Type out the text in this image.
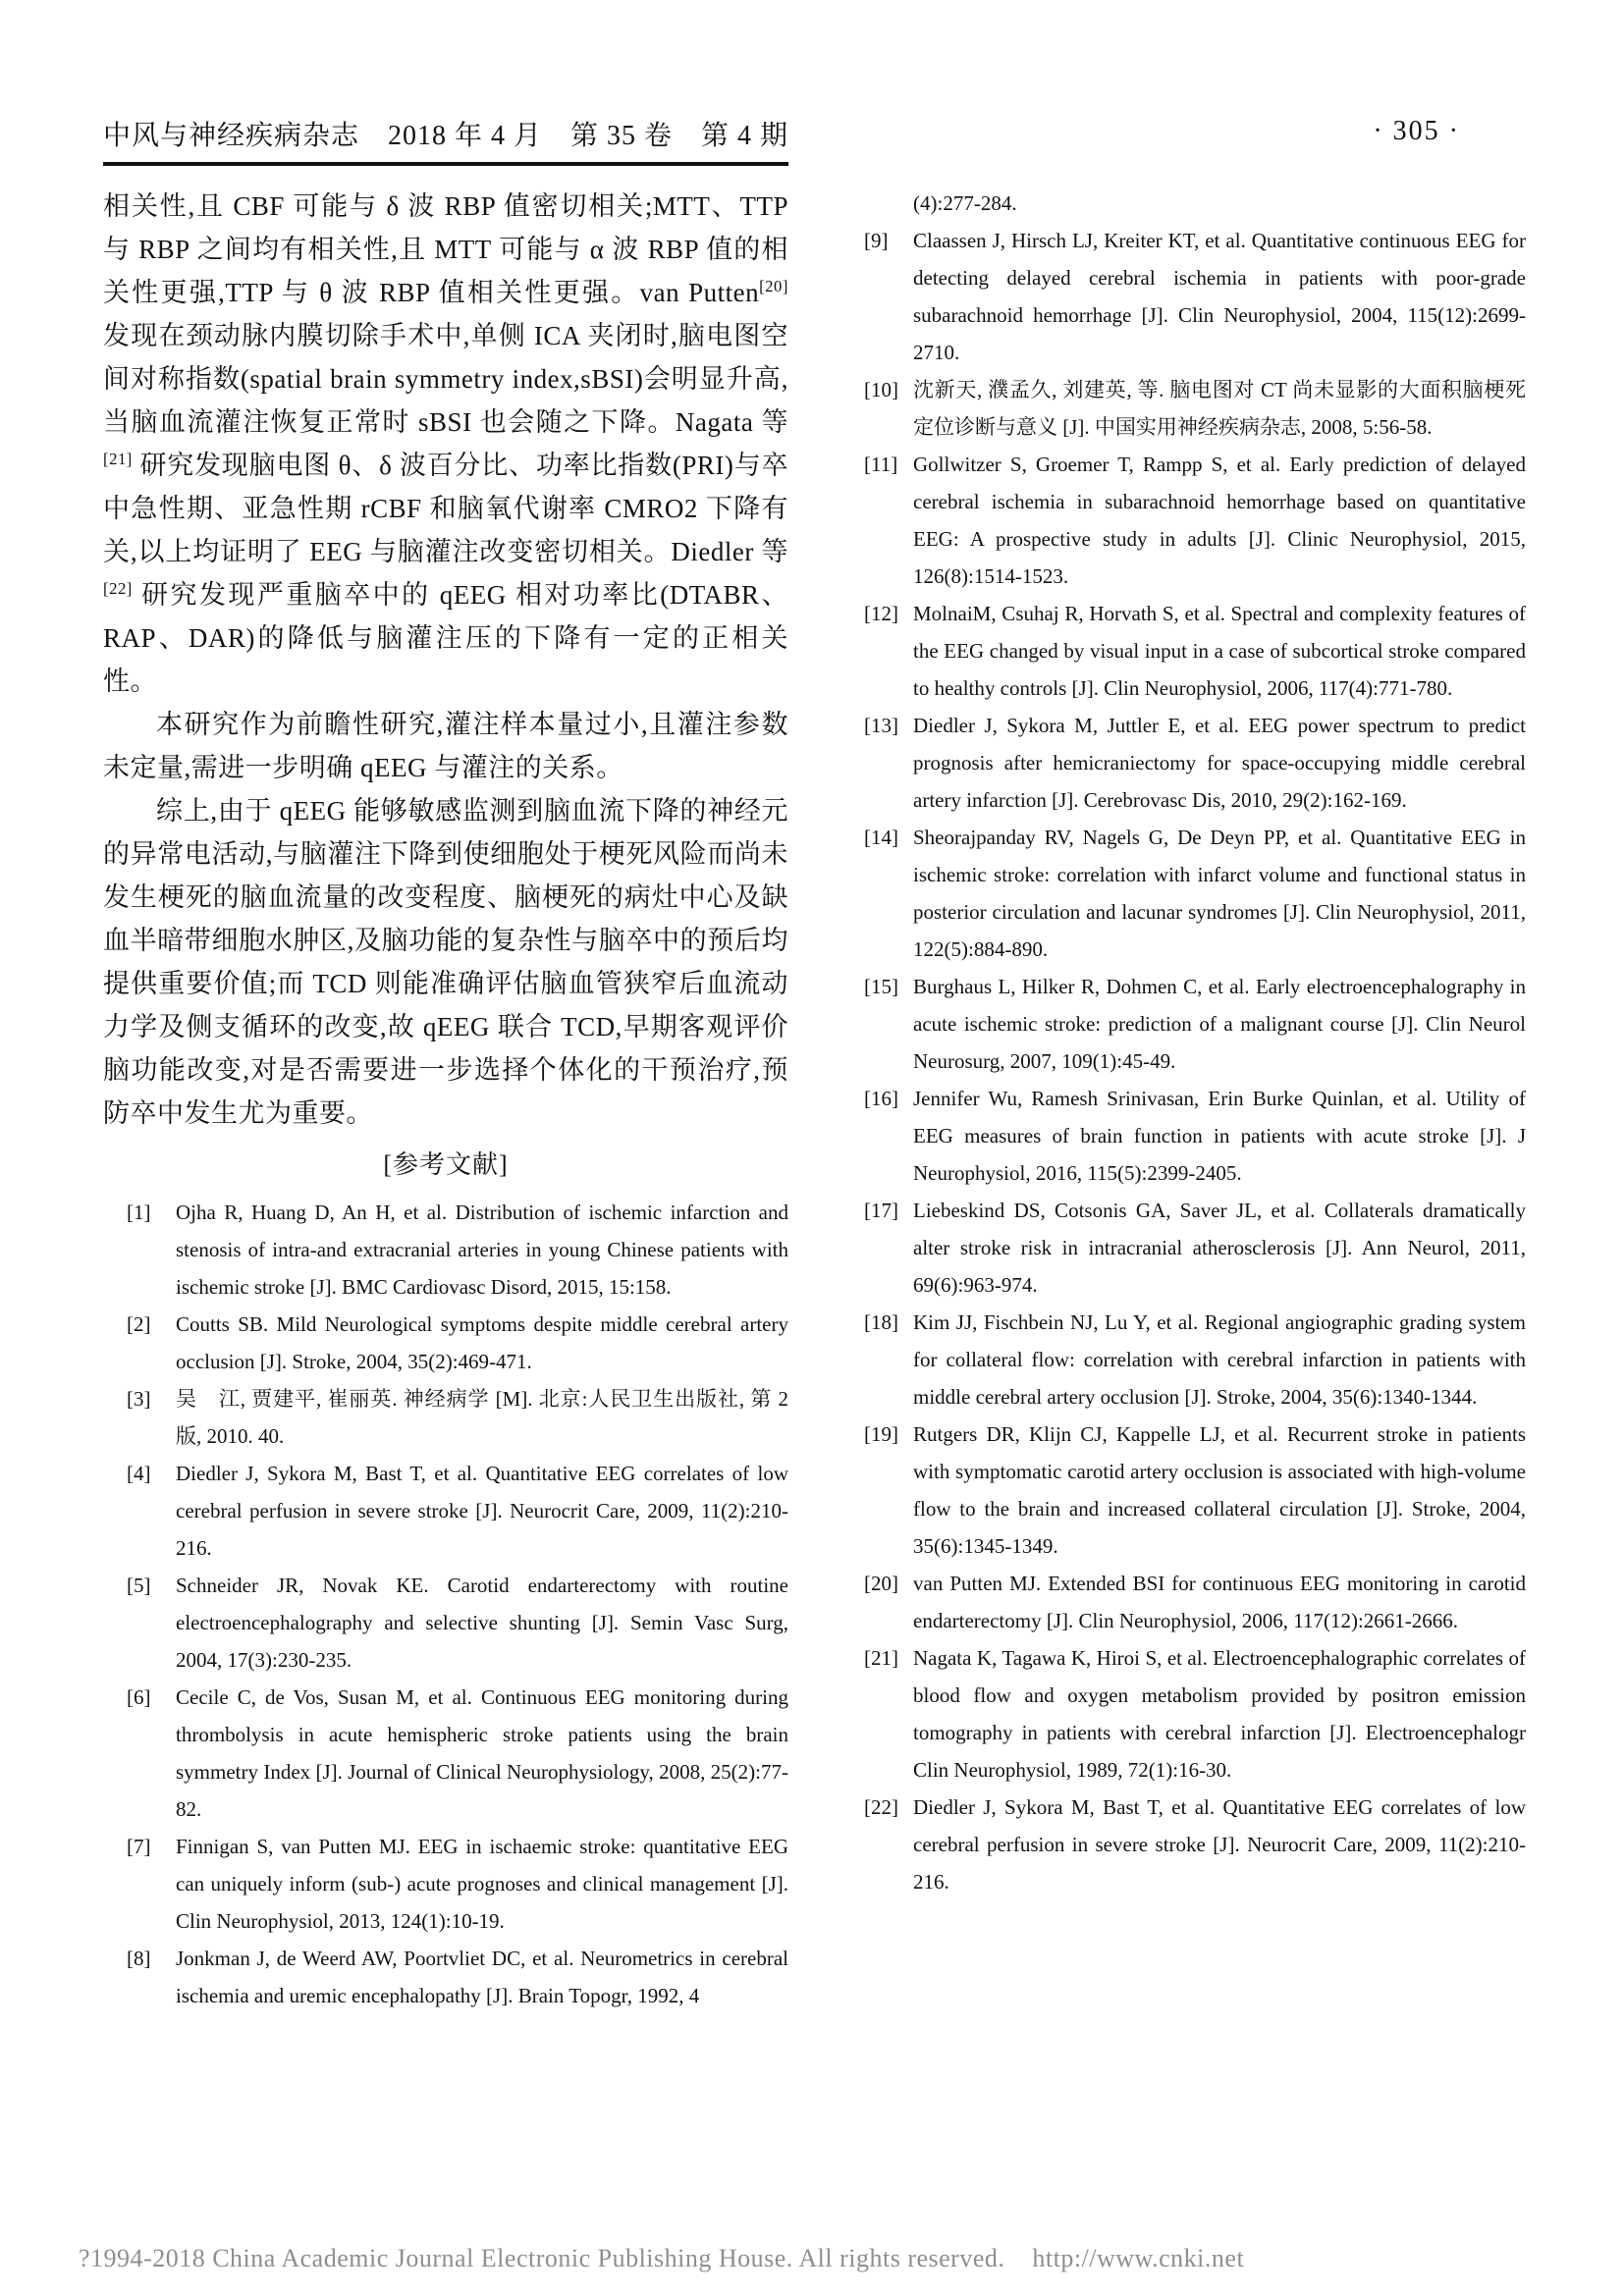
中风与神经疾病杂志　2018 年 4 月　第 35 卷　第 4 期	· 305 ·

相关性,且 CBF 可能与 δ 波 RBP 值密切相关;MTT、TTP 与 RBP 之间均有相关性,且 MTT 可能与 α 波 RBP 值的相关性更强,TTP 与 θ 波 RBP 值相关性更强。van Putten[20] 发现在颈动脉内膜切除手术中,单侧 ICA 夹闭时,脑电图空间对称指数(spatial brain symmetry index,sBSI)会明显升高,当脑血流灌注恢复正常时 sBSI 也会随之下降。Nagata 等[21] 研究发现脑电图 θ、δ 波百分比、功率比指数(PRI)与卒中急性期、亚急性期 rCBF 和脑氧代谢率 CMRO2 下降有关,以上均证明了 EEG 与脑灌注改变密切相关。Diedler 等[22] 研究发现严重脑卒中的 qEEG 相对功率比(DTABR、RAP、DAR)的降低与脑灌注压的下降有一定的正相关性。

本研究作为前瞻性研究,灌注样本量过小,且灌注参数未定量,需进一步明确 qEEG 与灌注的关系。

综上,由于 qEEG 能够敏感监测到脑血流下降的神经元的异常电活动,与脑灌注下降到使细胞处于梗死风险而尚未发生梗死的脑血流量的改变程度、脑梗死的病灶中心及缺血半暗带细胞水肿区,及脑功能的复杂性与脑卒中的预后均提供重要价值;而 TCD 则能准确评估脑血管狭窄后血流动力学及侧支循环的改变,故 qEEG 联合 TCD,早期客观评价脑功能改变,对是否需要进一步选择个体化的干预治疗,预防卒中发生尤为重要。

[参考文献]
[1] Ojha R, Huang D, An H, et al. Distribution of ischemic infarction and stenosis of intra-and extracranial arteries in young Chinese patients with ischemic stroke [J]. BMC Cardiovasc Disord, 2015, 15:158.
[2] Coutts SB. Mild Neurological symptoms despite middle cerebral artery occlusion [J]. Stroke, 2004, 35(2):469-471.
[3] 吴　江, 贾建平, 崔丽英. 神经病学 [M]. 北京:人民卫生出版社, 第 2 版, 2010. 40.
[4] Diedler J, Sykora M, Bast T, et al. Quantitative EEG correlates of low cerebral perfusion in severe stroke [J]. Neurocrit Care, 2009, 11(2):210-216.
[5] Schneider JR, Novak KE. Carotid endarterectomy with routine electroencephalography and selective shunting [J]. Semin Vasc Surg, 2004, 17(3):230-235.
[6] Cecile C, de Vos, Susan M, et al. Continuous EEG monitoring during thrombolysis in acute hemispheric stroke patients using the brain symmetry Index [J]. Journal of Clinical Neurophysiology, 2008, 25(2):77-82.
[7] Finnigan S, van Putten MJ. EEG in ischaemic stroke: quantitative EEG can uniquely inform (sub-) acute prognoses and clinical management [J]. Clin Neurophysiol, 2013, 124(1):10-19.
[8] Jonkman J, de Weerd AW, Poortvliet DC, et al. Neurometrics in cerebral ischemia and uremic encephalopathy [J]. Brain Topogr, 1992, 4
(4):277-284.
[9] Claassen J, Hirsch LJ, Kreiter KT, et al. Quantitative continuous EEG for detecting delayed cerebral ischemia in patients with poor-grade subarachnoid hemorrhage [J]. Clin Neurophysiol, 2004, 115(12):2699-2710.
[10] 沈新天, 濮孟久, 刘建英, 等. 脑电图对 CT 尚未显影的大面积脑梗死定位诊断与意义 [J]. 中国实用神经疾病杂志, 2008, 5:56-58.
[11] Gollwitzer S, Groemer T, Rampp S, et al. Early prediction of delayed cerebral ischemia in subarachnoid hemorrhage based on quantitative EEG: A prospective study in adults [J]. Clinic Neurophysiol, 2015, 126(8):1514-1523.
[12] MolnaiM, Csuhaj R, Horvath S, et al. Spectral and complexity features of the EEG changed by visual input in a case of subcortical stroke compared to healthy controls [J]. Clin Neurophysiol, 2006, 117(4):771-780.
[13] Diedler J, Sykora M, Juttler E, et al. EEG power spectrum to predict prognosis after hemicraniectomy for space-occupying middle cerebral artery infarction [J]. Cerebrovasc Dis, 2010, 29(2):162-169.
[14] Sheorajpanday RV, Nagels G, De Deyn PP, et al. Quantitative EEG in ischemic stroke: correlation with infarct volume and functional status in posterior circulation and lacunar syndromes [J]. Clin Neurophysiol, 2011, 122(5):884-890.
[15] Burghaus L, Hilker R, Dohmen C, et al. Early electroencephalography in acute ischemic stroke: prediction of a malignant course [J]. Clin Neurol Neurosurg, 2007, 109(1):45-49.
[16] Jennifer Wu, Ramesh Srinivasan, Erin Burke Quinlan, et al. Utility of EEG measures of brain function in patients with acute stroke [J]. J Neurophysiol, 2016, 115(5):2399-2405.
[17] Liebeskind DS, Cotsonis GA, Saver JL, et al. Collaterals dramatically alter stroke risk in intracranial atherosclerosis [J]. Ann Neurol, 2011, 69(6):963-974.
[18] Kim JJ, Fischbein NJ, Lu Y, et al. Regional angiographic grading system for collateral flow: correlation with cerebral infarction in patients with middle cerebral artery occlusion [J]. Stroke, 2004, 35(6):1340-1344.
[19] Rutgers DR, Klijn CJ, Kappelle LJ, et al. Recurrent stroke in patients with symptomatic carotid artery occlusion is associated with high-volume flow to the brain and increased collateral circulation [J]. Stroke, 2004, 35(6):1345-1349.
[20] van Putten MJ. Extended BSI for continuous EEG monitoring in carotid endarterectomy [J]. Clin Neurophysiol, 2006, 117(12):2661-2666.
[21] Nagata K, Tagawa K, Hiroi S, et al. Electroencephalographic correlates of blood flow and oxygen metabolism provided by positron emission tomography in patients with cerebral infarction [J]. Electroencephalogr Clin Neurophysiol, 1989, 72(1):16-30.
[22] Diedler J, Sykora M, Bast T, et al. Quantitative EEG correlates of low cerebral perfusion in severe stroke [J]. Neurocrit Care, 2009, 11(2):210-216.

?1994-2018 China Academic Journal Electronic Publishing House. All rights reserved.    http://www.cnki.net
